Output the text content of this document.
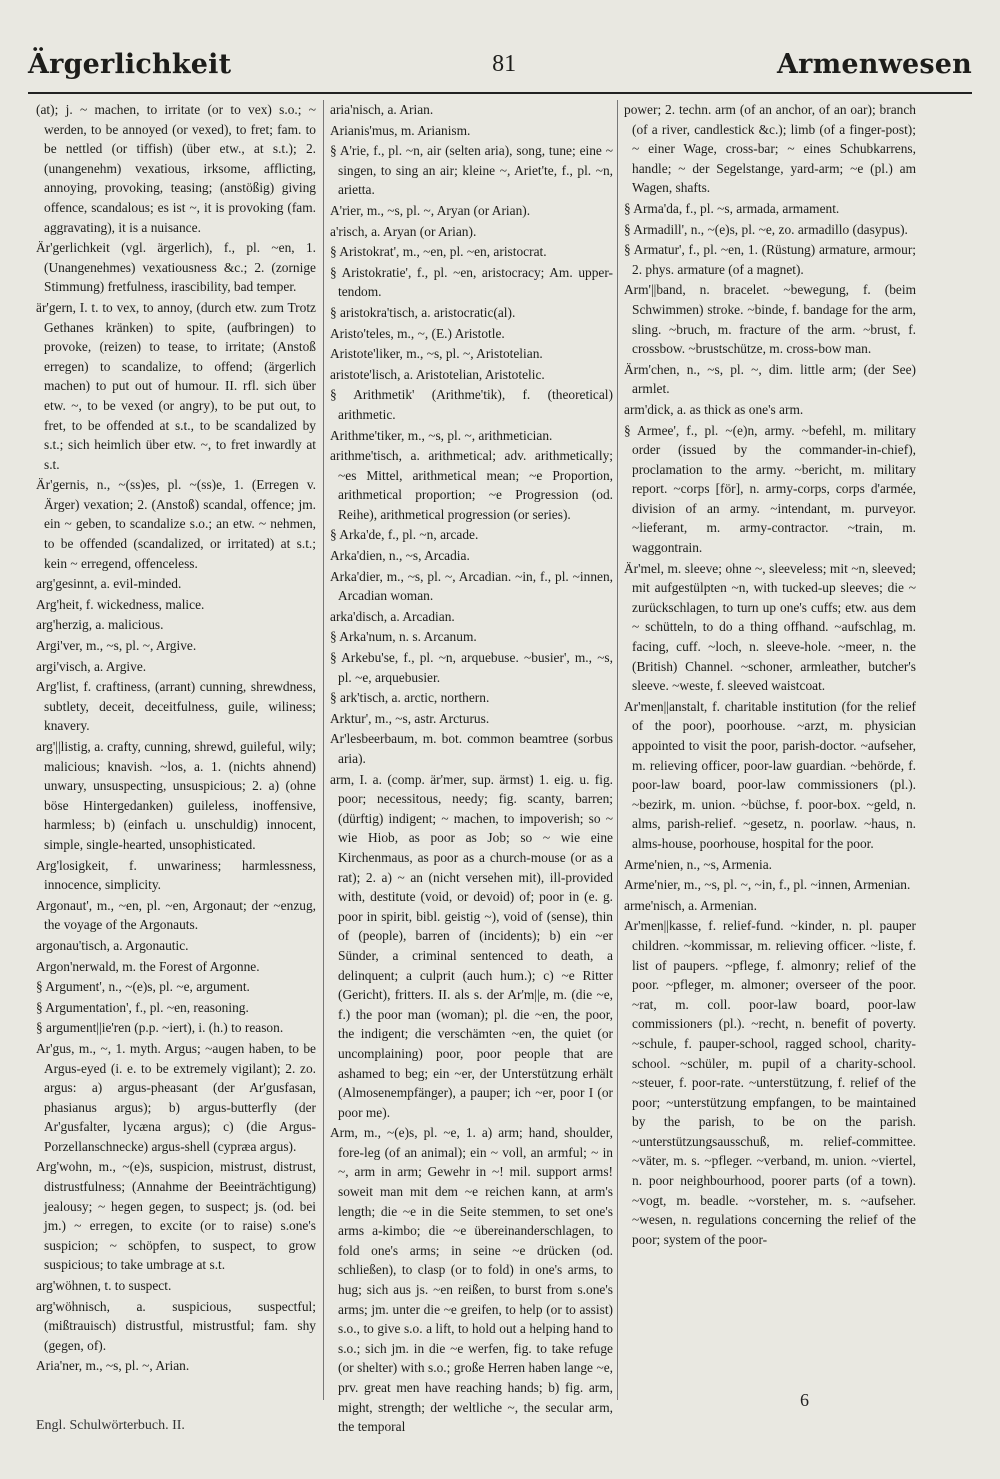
Ärgerlichkeit	81	Armenwesen
(at); j. ~ machen, to irritate (or to vex) s.o.; ~ werden, to be annoyed (or vexed), to fret; fam. to be nettled (or tiffish) (über etw., at s.t.); 2. (unangenehm) vexatious, irksome, afflicting, annoying, provoking, teasing; (anstößig) giving offence, scandalous; es ist ~, it is provoking (fam. aggravating), it is a nuisance.
Är'gerlichkeit (vgl. ärgerlich), f., pl. ~en, 1. (Unangenehmes) vexatiousness &c.; 2. (zornige Stimmung) fretfulness, irascibility, bad temper.
är'gern, I. t. to vex, to annoy, (durch etw. zum Trotz Gethanes kränken) to spite, (aufbringen) to provoke, (reizen) to tease, to irritate; (Anstoß erregen) to scandalize, to offend; (ärgerlich machen) to put out of humour. II. rfl. sich über etw. ~, to be vexed (or angry), to be put out, to fret, to be offended at s.t., to be scandalized by s.t.; sich heimlich über etw. ~, to fret inwardly at s.t.
Är'gernis, n., ~(ss)es, pl. ~(ss)e, 1. (Erregen v. Ärger) vexation; 2. (Anstoß) scandal, offence; jm. ein ~ geben, to scandalize s.o.; an etw. ~ nehmen, to be offended (scandalized, or irritated) at s.t.; kein ~ erregend, offenceless.
arg'gesinnt, a. evil-minded.
Arg'heit, f. wickedness, malice.
arg'herzig, a. malicious.
Argi'ver, m., ~s, pl. ~, Argive.
argi'visch, a. Argive.
Arg'list, f. craftiness, (arrant) cunning, shrewdness, subtlety, deceit, deceitfulness, guile, wiliness; knavery.
arg'||listig, a. crafty, cunning, shrewd, guileful, wily; malicious; knavish. ~los, a. 1. (nichts ahnend) unwary, unsuspecting, unsuspicious; 2. a) (ohne böse Hintergedanken) guileless, inoffensive, harmless; b) (einfach u. unschuldig) innocent, simple, single-hearted, unsophisticated.
Arg'losigkeit, f. unwariness; harmlessness, innocence, simplicity.
Argonaut', m., ~en, pl. ~en, Argonaut; der ~enzug, the voyage of the Argonauts.
argonau'tisch, a. Argonautic.
Argon'nerwald, m. the Forest of Argonne.
§ Argument', n., ~(e)s, pl. ~e, argument.
§ Argumentation', f., pl. ~en, reasoning.
§ argument||ie'ren (p.p. ~iert), i. (h.) to reason.
Ar'gus, m., ~, 1. myth. Argus; ~augen haben, to be Argus-eyed (i. e. to be extremely vigilant); 2. zo. argus: a) argus-pheasant (der Ar'gusfasan, phasianus argus); b) argus-butterfly (der Ar'gusfalter, lycæna argus); c) (die Argus-Porzellanschnecke) argus-shell (cypræa argus).
Arg'wohn, m., ~(e)s, suspicion, mistrust, distrust, distrustfulness; (Annahme der Beeinträchtigung) jealousy; ~ hegen gegen, to suspect; js. (od. bei jm.) ~ erregen, to excite (or to raise) s.one's suspicion; ~ schöpfen, to suspect, to grow suspicious; to take umbrage at s.t.
arg'wöhnen, t. to suspect.
arg'wöhnisch, a. suspicious, suspectful; (mißtrauisch) distrustful, mistrustful; fam. shy (gegen, of).
Aria'ner, m., ~s, pl. ~, Arian.
aria'nisch, a. Arian.
Arianis'mus, m. Arianism.
§ A'rie, f., pl. ~n, air (selten aria), song, tune; eine ~ singen, to sing an air; kleine ~, Ariet'te, f., pl. ~n, arietta.
A'rier, m., ~s, pl. ~, Aryan (or Arian).
a'risch, a. Aryan (or Arian).
§ Aristokrat', m., ~en, pl. ~en, aristocrat.
§ Aristokratie', f., pl. ~en, aristocracy; Am. upper-tendom.
§ aristokra'tisch, a. aristocratic(al).
Aristo'teles, m., ~, (E.) Aristotle.
Aristote'liker, m., ~s, pl. ~, Aristotelian.
aristote'lisch, a. Aristotelian, Aristotelic.
§ Arithmetik' (Arithme'tik), f. (theoretical) arithmetic.
Arithme'tiker, m., ~s, pl. ~, arithmetician.
arithme'tisch, a. arithmetical; adv. arithmetically; ~es Mittel, arithmetical mean; ~e Proportion, arithmetical proportion; ~e Progression (od. Reihe), arithmetical progression (or series).
§ Arka'de, f., pl. ~n, arcade.
Arka'dien, n., ~s, Arcadia.
Arka'dier, m., ~s, pl. ~, Arcadian. ~in, f., pl. ~innen, Arcadian woman.
arka'disch, a. Arcadian.
§ Arka'num, n. s. Arcanum.
§ Arkebu'se, f., pl. ~n, arquebuse. ~busier', m., ~s, pl. ~e, arquebusier.
§ ark'tisch, a. arctic, northern.
Arktur', m., ~s, astr. Arcturus.
Ar'lesbeerbaum, m. bot. common beamtree (sorbus aria).
arm, I. a. (comp. är'mer, sup. ärmst) 1. eig. u. fig. poor; necessitous, needy; fig. scanty, barren; (dürftig) indigent; ~ machen, to impoverish; so ~ wie Hiob, as poor as Job; so ~ wie eine Kirchenmaus, as poor as a church-mouse (or as a rat); 2. a) ~ an (nicht versehen mit), ill-provided with, destitute (void, or devoid) of; poor in (e. g. poor in spirit, bibl. geistig ~), void of (sense), thin of (people), barren of (incidents); b) ein ~er Sünder, a criminal sentenced to death, a delinquent; a culprit (auch hum.); c) ~e Ritter (Gericht), fritters. II. als s. der Ar'm||e, m. (die ~e, f.) the poor man (woman); pl. die ~en, the poor, the indigent; die verschämten ~en, the quiet (or uncomplaining) poor, poor people that are ashamed to beg; ein ~er, der Unterstützung erhält (Almosenempfänger), a pauper; ich ~er, poor I (or poor me).
Arm, m., ~(e)s, pl. ~e, 1. a) arm; hand, shoulder, fore-leg (of an animal); ein ~ voll, an armful; ~ in ~, arm in arm; Gewehr in ~! mil. support arms! soweit man mit dem ~e reichen kann, at arm's length; die ~e in die Seite stemmen, to set one's arms a-kimbo; die ~e übereinanderschlagen, to fold one's arms; in seine ~e drücken (od. schließen), to clasp (or to fold) in one's arms, to hug; sich aus js. ~en reißen, to burst from s.one's arms; jm. unter die ~e greifen, to help (or to assist) s.o., to give s.o. a lift, to hold out a helping hand to s.o.; sich jm. in die ~e werfen, fig. to take refuge (or shelter) with s.o.; große Herren haben lange ~e, prv. great men have reaching hands; b) fig. arm, might, strength; der weltliche ~, the secular arm, the temporal
power; 2. techn. arm (of an anchor, of an oar); branch (of a river, candlestick &c.); limb (of a finger-post); ~ einer Wage, cross-bar; ~ eines Schubkarrens, handle; ~ der Segelstange, yard-arm; ~e (pl.) am Wagen, shafts.
§ Arma'da, f., pl. ~s, armada, armament.
§ Armadill', n., ~(e)s, pl. ~e, zo. armadillo (dasypus).
§ Armatur', f., pl. ~en, 1. (Rüstung) armature, armour; 2. phys. armature (of a magnet).
Arm'||band, n. bracelet. ~bewegung, f. (beim Schwimmen) stroke. ~binde, f. bandage for the arm, sling. ~bruch, m. fracture of the arm. ~brust, f. crossbow. ~brustschütze, m. cross-bow man.
Ärm'chen, n., ~s, pl. ~, dim. little arm; (der See) armlet.
arm'dick, a. as thick as one's arm.
§ Armee', f., pl. ~(e)n, army. ~befehl, m. military order (issued by the commander-in-chief), proclamation to the army. ~bericht, m. military report. ~corps [för], n. army-corps, corps d'armée, division of an army. ~intendant, m. purveyor. ~lieferant, m. army-contractor. ~train, m. waggontrain.
Är'mel, m. sleeve; ohne ~, sleeveless; mit ~n, sleeved; mit aufgestülpten ~n, with tucked-up sleeves; die ~ zurückschlagen, to turn up one's cuffs; etw. aus dem ~ schütteln, to do a thing offhand. ~aufschlag, m. facing, cuff. ~loch, n. sleeve-hole. ~meer, n. the (British) Channel. ~schoner, armleather, butcher's sleeve. ~weste, f. sleeved waistcoat.
Ar'men||anstalt, f. charitable institution (for the relief of the poor), poorhouse. ~arzt, m. physician appointed to visit the poor, parish-doctor. ~aufseher, m. relieving officer, poor-law guardian. ~behörde, f. poor-law board, poor-law commissioners (pl.). ~bezirk, m. union. ~büchse, f. poor-box. ~geld, n. alms, parish-relief. ~gesetz, n. poorlaw. ~haus, n. alms-house, poorhouse, hospital for the poor.
Arme'nien, n., ~s, Armenia.
Arme'nier, m., ~s, pl. ~, ~in, f., pl. ~innen, Armenian.
arme'nisch, a. Armenian.
Ar'men||kasse, f. relief-fund. ~kinder, n. pl. pauper children. ~kommissar, m. relieving officer. ~liste, f. list of paupers. ~pflege, f. almonry; relief of the poor. ~pfleger, m. almoner; overseer of the poor. ~rat, m. coll. poor-law board, poor-law commissioners (pl.). ~recht, n. benefit of poverty. ~schule, f. pauper-school, ragged school, charity-school. ~schüler, m. pupil of a charity-school. ~steuer, f. poor-rate. ~unterstützung, f. relief of the poor; ~unterstützung empfangen, to be maintained by the parish, to be on the parish. ~unterstützungsausschuß, m. relief-committee. ~väter, m. s. ~pfleger. ~verband, m. union. ~viertel, n. poor neighbourhood, poorer parts (of a town). ~vogt, m. beadle. ~vorsteher, m. s. ~aufseher. ~wesen, n. regulations concerning the relief of the poor; system of the poor-
Engl. Schulwörterbuch. II.
6
